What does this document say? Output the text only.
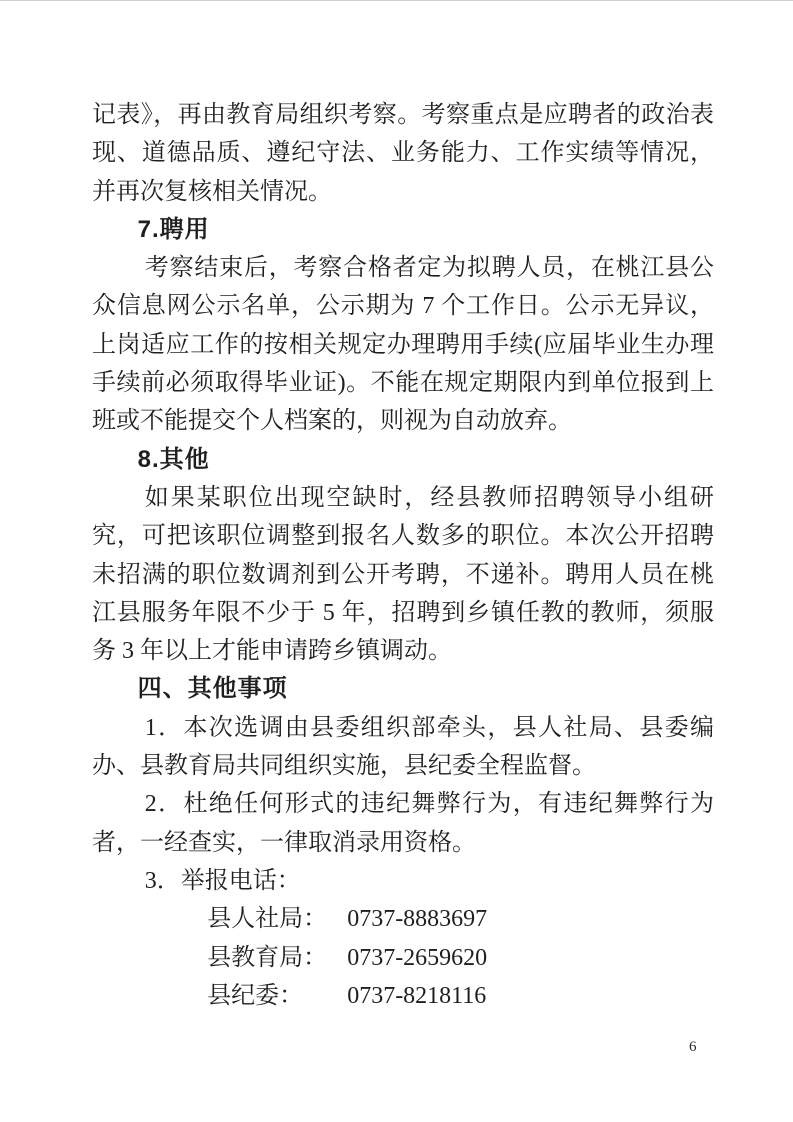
记表》，再由教育局组织考察。考察重点是应聘者的政治表现、道德品质、遵纪守法、业务能力、工作实绩等情况，并再次复核相关情况。

7.聘用

考察结束后，考察合格者定为拟聘人员，在桃江县公众信息网公示名单，公示期为 7 个工作日。公示无异议，上岗适应工作的按相关规定办理聘用手续(应届毕业生办理手续前必须取得毕业证)。不能在规定期限内到单位报到上班或不能提交个人档案的，则视为自动放弃。

8.其他

如果某职位出现空缺时，经县教师招聘领导小组研究，可把该职位调整到报名人数多的职位。本次公开招聘未招满的职位数调剂到公开考聘，不递补。聘用人员在桃江县服务年限不少于 5 年，招聘到乡镇任教的教师，须服务 3 年以上才能申请跨乡镇调动。

四、其他事项

1．本次选调由县委组织部牵头，县人社局、县委编办、县教育局共同组织实施，县纪委全程监督。

2．杜绝任何形式的违纪舞弊行为，有违纪舞弊行为者，一经查实，一律取消录用资格。

3．举报电话：

县人社局： 0737-8883697

县教育局： 0737-2659620

县纪委： 0737-8218116

6
